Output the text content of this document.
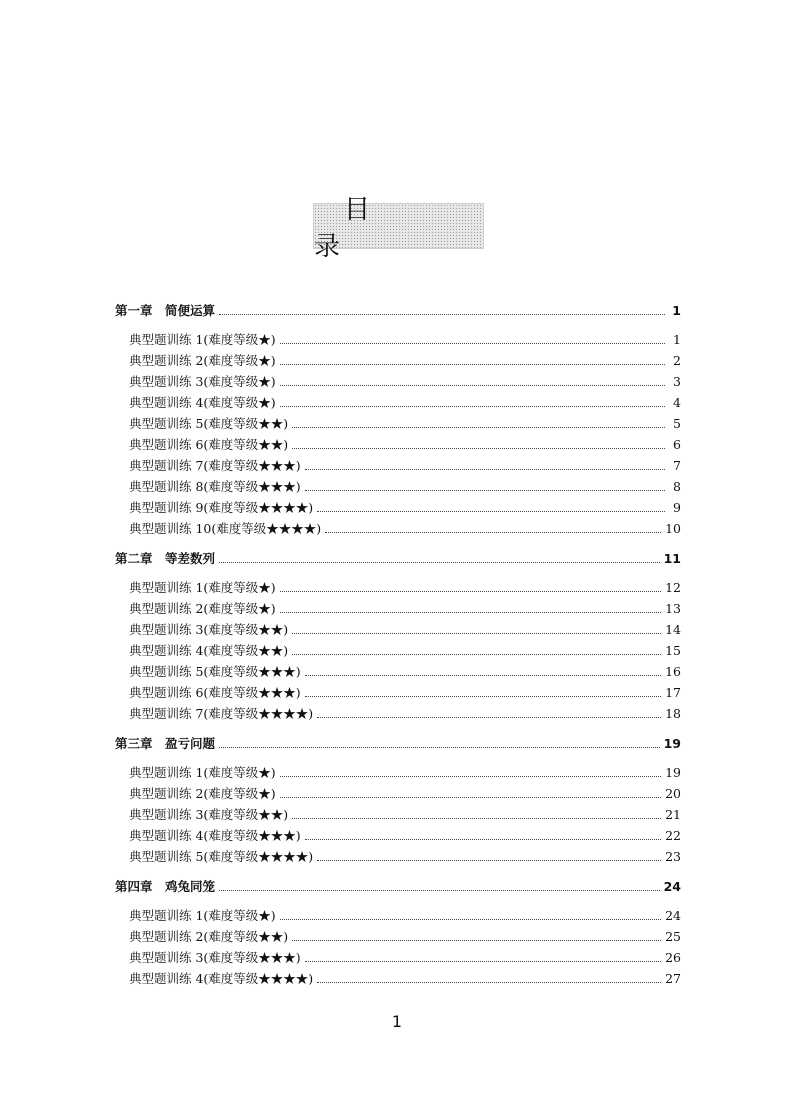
目 录
第一章　简便运算	1
典型题训练 1(难度等级★)	1
典型题训练 2(难度等级★)	2
典型题训练 3(难度等级★)	3
典型题训练 4(难度等级★)	4
典型题训练 5(难度等级★★)	5
典型题训练 6(难度等级★★)	6
典型题训练 7(难度等级★★★)	7
典型题训练 8(难度等级★★★)	8
典型题训练 9(难度等级★★★★)	9
典型题训练 10(难度等级★★★★)	10
第二章　等差数列	11
典型题训练 1(难度等级★)	12
典型题训练 2(难度等级★)	13
典型题训练 3(难度等级★★)	14
典型题训练 4(难度等级★★)	15
典型题训练 5(难度等级★★★)	16
典型题训练 6(难度等级★★★)	17
典型题训练 7(难度等级★★★★)	18
第三章　盈亏问题	19
典型题训练 1(难度等级★)	19
典型题训练 2(难度等级★)	20
典型题训练 3(难度等级★★)	21
典型题训练 4(难度等级★★★)	22
典型题训练 5(难度等级★★★★)	23
第四章　鸡兔同笼	24
典型题训练 1(难度等级★)	24
典型题训练 2(难度等级★★)	25
典型题训练 3(难度等级★★★)	26
典型题训练 4(难度等级★★★★)	27
1
